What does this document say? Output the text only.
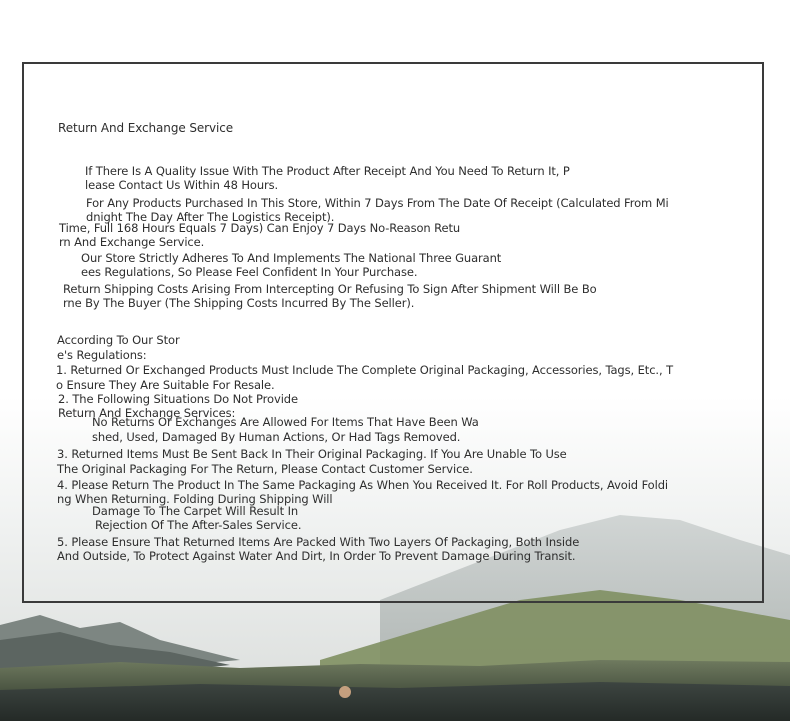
Return And Exchange Service
If There Is A Quality Issue With The Product After Receipt And You Need To Return It, P
lease Contact Us Within 48 Hours.
For Any Products Purchased In This Store, Within 7 Days From The Date Of Receipt (Calculated From Mi
dnight The Day After The Logistics Receipt).
Time, Full 168 Hours Equals 7 Days) Can Enjoy 7 Days No-Reason Retu
rn And Exchange Service.
Our Store Strictly Adheres To And Implements The National Three Guarant
ees Regulations, So Please Feel Confident In Your Purchase.
Return Shipping Costs Arising From Intercepting Or Refusing To Sign After Shipment Will Be Bo
rne By The Buyer (The Shipping Costs Incurred By The Seller).
According To Our Stor
e's Regulations:
1. Returned Or Exchanged Products Must Include The Complete Original Packaging, Accessories, Tags, Etc., T
o Ensure They Are Suitable For Resale.
2. The Following Situations Do Not Provide
Return And Exchange Services:
No Returns Or Exchanges Are Allowed For Items That Have Been Wa
shed, Used, Damaged By Human Actions, Or Had Tags Removed.
3. Returned Items Must Be Sent Back In Their Original Packaging. If You Are Unable To Use
The Original Packaging For The Return, Please Contact Customer Service.
4. Please Return The Product In The Same Packaging As When You Received It. For Roll Products, Avoid Foldi
ng When Returning. Folding During Shipping Will
Damage To The Carpet Will Result In
Rejection Of The After-Sales Service.
5. Please Ensure That Returned Items Are Packed With Two Layers Of Packaging, Both Inside
And Outside, To Protect Against Water And Dirt, In Order To Prevent Damage During Transit.
